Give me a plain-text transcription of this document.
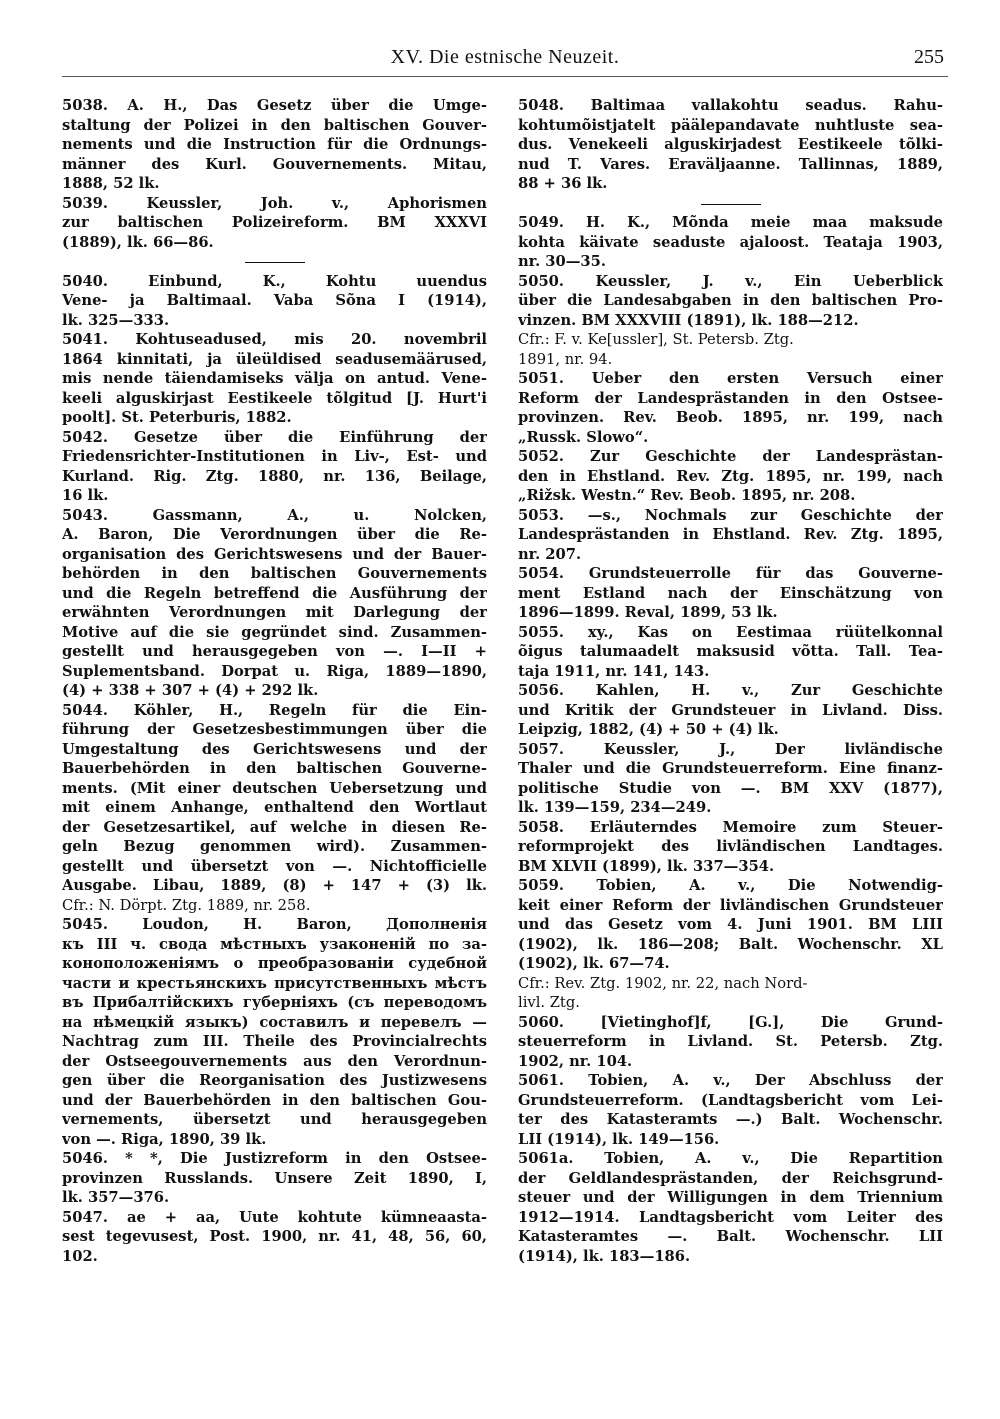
XV. Die estnische Neuzeit.	255
5038. A. H., Das Gesetz über die Umge-
staltung der Polizei in den baltischen Gouver-
nements und die Instruction für die Ordnungs-
männer des Kurl. Gouvernements. Mitau,
1888, 52 lk.
5039. Keussler, Joh. v., Aphorismen
zur baltischen Polizeireform. BM XXXVI
(1889), lk. 66—86.
5040. Einbund, K., Kohtu uuendus
Vene- ja Baltimaal. Vaba Sõna I (1914),
lk. 325—333.
5041. Kohtuseadused, mis 20. novembril
1864 kinnitati, ja üleüldised seadusemäärused,
mis nende täiendamiseks välja on antud. Vene-
keeli alguskirjast Eestikeele tõlgitud [J. Hurt'i
poolt]. St. Peterburis, 1882.
5042. Gesetze über die Einführung der
Friedensrichter-Institutionen in Liv-, Est- und
Kurland. Rig. Ztg. 1880, nr. 136, Beilage,
16 lk.
5043. Gassmann, A., u. Nolcken,
A. Baron, Die Verordnungen über die Re-
organisation des Gerichtswesens und der Bauer-
behörden in den baltischen Gouvernements
und die Regeln betreffend die Ausführung der
erwähnten Verordnungen mit Darlegung der
Motive auf die sie gegründet sind. Zusammen-
gestellt und herausgegeben von —. I—II +
Suplementsband. Dorpat u. Riga, 1889—1890,
(4) + 338 + 307 + (4) + 292 lk.
5044. Köhler, H., Regeln für die Ein-
führung der Gesetzesbestimmungen über die
Umgestaltung des Gerichtswesens und der
Bauerbehörden in den baltischen Gouverne-
ments. (Mit einer deutschen Uebersetzung und
mit einem Anhange, enthaltend den Wortlaut
der Gesetzesartikel, auf welche in diesen Re-
geln Bezug genommen wird). Zusammen-
gestellt und übersetzt von —. Nichtofficielle
Ausgabe. Libau, 1889, (8) + 147 + (3) lk.
Cfr.: N. Dörpt. Ztg. 1889, nr. 258.
5045. Loudon, H. Baron, Дополненія
къ III ч. свода мѣстныхъ узаконеній по за-
конoположеніямъ о преобразованіи судебной
части и крестьянскихъ присутственныхъ мѣстъ
въ Прибалтійскихъ губерніяхъ (съ переводомъ
на нѣмецкій языкъ) составилъ и перевелъ —
Nachtrag zum III. Theile des Provincialrechts
der Ostseegouvernements aus den Verordnun-
gen über die Reorganisation des Justizwesens
und der Bauerbehörden in den baltischen Gou-
vernements, übersetzt und herausgegeben
von —. Riga, 1890, 39 lk.
5046. * *, Die Justizreform in den Ostsee-
provinzen Russlands. Unsere Zeit 1890, I,
lk. 357—376.
5047. ae + aa, Uute kohtute kümneaasta-
sest tegevusest, Post. 1900, nr. 41, 48, 56, 60,
102.
5048. Baltimaa vallakohtu seadus. Rahu-
kohtumõistjatelt päälepandavate nuhtluste sea-
dus. Venekeeli alguskirjadest Eestikeele tõlki-
nud T. Vares. Eraväljaanne. Tallinnas, 1889,
88 + 36 lk.
5049. H. K., Mõnda meie maa maksude
kohta käivate seaduste ajaloost. Teataja 1903,
nr. 30—35.
5050. Keussler, J. v., Ein Ueberblick
über die Landesabgaben in den baltischen Pro-
vinzen. BM XXXVIII (1891), lk. 188—212.
Cfr.: F. v. Ke[ussler], St. Petersb. Ztg.
1891, nr. 94.
5051. Ueber den ersten Versuch einer
Reform der Landesprästanden in den Ostsee-
provinzen. Rev. Beob. 1895, nr. 199, nach
„Russk. Slowo“.
5052. Zur Geschichte der Landesprästan-
den in Ehstland. Rev. Ztg. 1895, nr. 199, nach
„Rižsk. Westn.“ Rev. Beob. 1895, nr. 208.
5053. —s., Nochmals zur Geschichte der
Landesprästanden in Ehstland. Rev. Ztg. 1895,
nr. 207.
5054. Grundsteuerrolle für das Gouverne-
ment Estland nach der Einschätzung von
1896—1899. Reval, 1899, 53 lk.
5055. xy., Kas on Eestimaa rüütelkonnal
õigus talumaadelt maksusid võtta. Tall. Tea-
taja 1911, nr. 141, 143.
5056. Kahlen, H. v., Zur Geschichte
und Kritik der Grundsteuer in Livland. Diss.
Leipzig, 1882, (4) + 50 + (4) lk.
5057. Keussler, J., Der livländische
Thaler und die Grundsteuerreform. Eine finanz-
politische Studie von —. BM XXV (1877),
lk. 139—159, 234—249.
5058. Erläuterndes Memoire zum Steuer-
reformprojekt des livländischen Landtages.
BM XLVII (1899), lk. 337—354.
5059. Tobien, A. v., Die Notwendig-
keit einer Reform der livländischen Grundsteuer
und das Gesetz vom 4. Juni 1901. BM LIII
(1902), lk. 186—208; Balt. Wochenschr. XL
(1902), lk. 67—74.
Cfr.: Rev. Ztg. 1902, nr. 22, nach Nord-
livl. Ztg.
5060. [Vietinghof]f, [G.], Die Grund-
steuerreform in Livland. St. Petersb. Ztg.
1902, nr. 104.
5061. Tobien, A. v., Der Abschluss der
Grundsteuerreform. (Landtagsbericht vom Lei-
ter des Katasteramts —.) Balt. Wochenschr.
LII (1914), lk. 149—156.
5061a. Tobien, A. v., Die Repartition
der Geldlandesprästanden, der Reichsgrund-
steuer und der Willigungen in dem Triennium
1912—1914. Landtagsbericht vom Leiter des
Katasteramtes —. Balt. Wochenschr. LII
(1914), lk. 183—186.
